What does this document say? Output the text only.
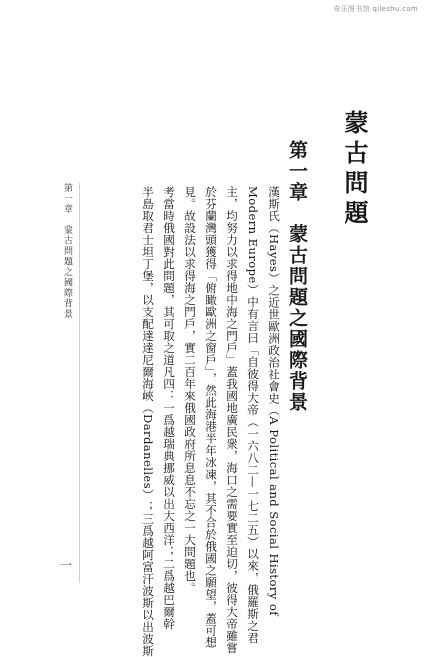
奇乐图书馆 qileshu.com
蒙古問題
第一章　蒙古問題之國際背景
漢斯氏（Hayes）之近世歐洲政治社會史（A Political and Social History of
Modern Europe）中有言曰「自彼得大帝（一六八二—一七二五）以來，俄羅斯之君
主，均努力以求得地中海之門戶」蓋我國地廣民衆，海口之需要實至迫切，彼得大帝雖嘗
於芬蘭灣頭獲得「俯瞰歐洲之窗戶」，然此海港半年冰凍，其不合於俄國之願望，蓋可想
見。故設法以求得海之門戶，實二百年來俄國政府所息息不忘之一大問題也。
考當時俄國對此問題，其可取之道凡四：一爲越瑞典挪威以出大西洋；二爲越巴爾幹
半島取君士坦丁堡，以支配達達尼爾海峽（Dardanelles）；三爲越阿富汗波斯以出波斯
第一章　蒙古問題之國際背景
一
